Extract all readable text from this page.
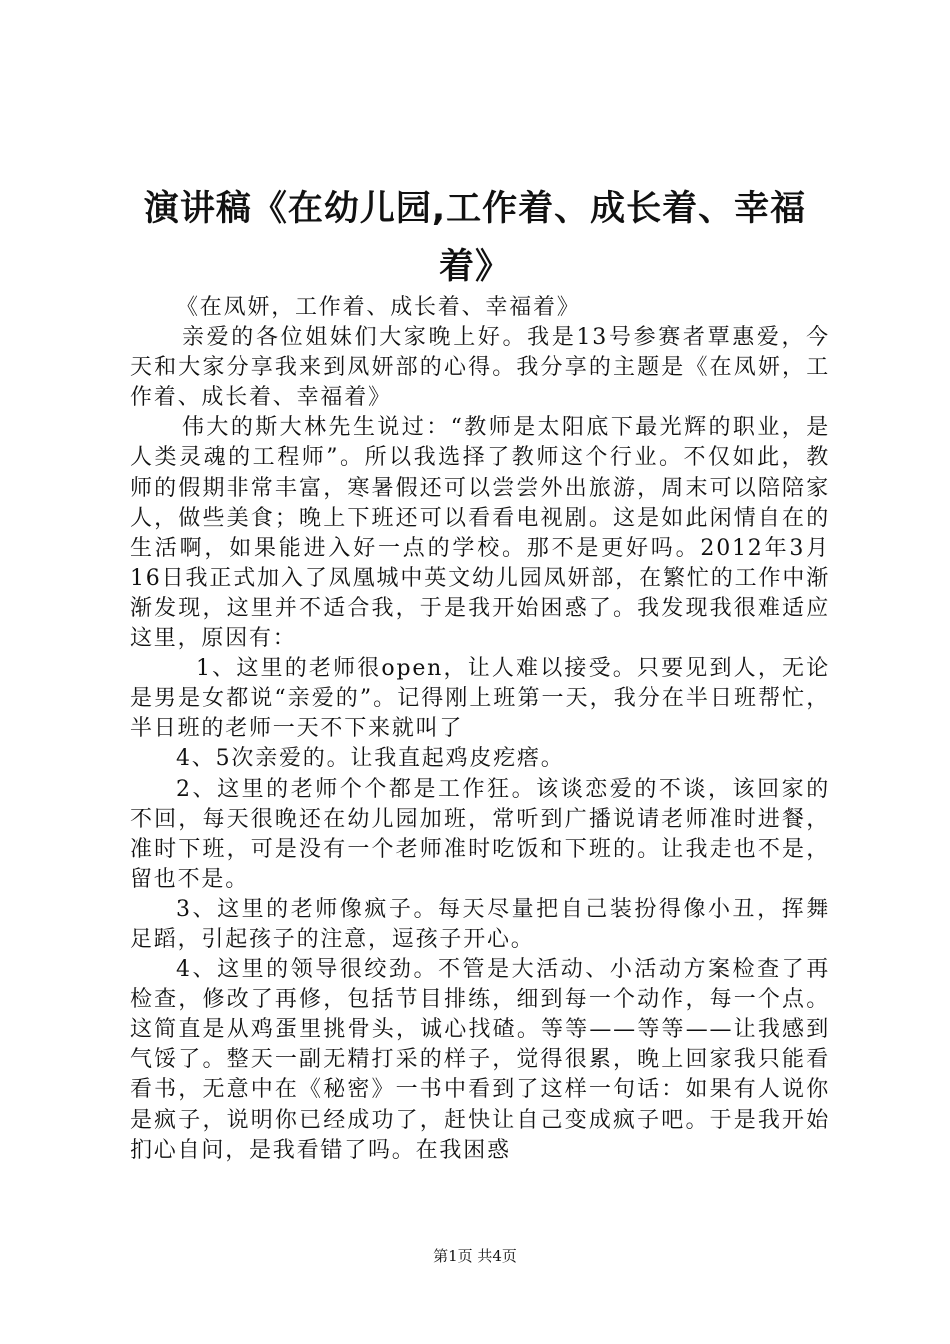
演讲稿《在幼儿园,工作着、成长着、幸福
着》

《在凤妍，工作着、成长着、幸福着》

亲爱的各位姐妹们大家晚上好。我是13号参赛者覃惠爱，今天和大家分享我来到凤妍部的心得。我分享的主题是《在凤妍，工作着、成长着、幸福着》

伟大的斯大林先生说过：“教师是太阳底下最光辉的职业，是人类灵魂的工程师”。所以我选择了教师这个行业。不仅如此，教师的假期非常丰富，寒暑假还可以尝尝外出旅游，周末可以陪陪家人，做些美食；晚上下班还可以看看电视剧。这是如此闲情自在的生活啊，如果能进入好一点的学校。那不是更好吗。2012年3月16日我正式加入了凤凰城中英文幼儿园凤妍部，在繁忙的工作中渐渐发现，这里并不适合我，于是我开始困惑了。我发现我很难适应这里，原因有：

1、这里的老师很open，让人难以接受。只要见到人，无论是男是女都说“亲爱的”。记得刚上班第一天，我分在半日班帮忙，半日班的老师一天不下来就叫了

4、5次亲爱的。让我直起鸡皮疙瘩。

2、这里的老师个个都是工作狂。该谈恋爱的不谈，该回家的不回，每天很晚还在幼儿园加班，常听到广播说请老师准时进餐，准时下班，可是没有一个老师准时吃饭和下班的。让我走也不是，留也不是。

3、这里的老师像疯子。每天尽量把自己装扮得像小丑，挥舞足蹈，引起孩子的注意，逗孩子开心。

4、这里的领导很绞劲。不管是大活动、小活动方案检查了再检查，修改了再修，包括节目排练，细到每一个动作，每一个点。这简直是从鸡蛋里挑骨头，诚心找碴。等等——等等——让我感到气馁了。整天一副无精打采的样子，觉得很累，晚上回家我只能看看书，无意中在《秘密》一书中看到了这样一句话：如果有人说你是疯子，说明你已经成功了，赶快让自己变成疯子吧。于是我开始扪心自问，是我看错了吗。在我困惑

第1页 共4页
